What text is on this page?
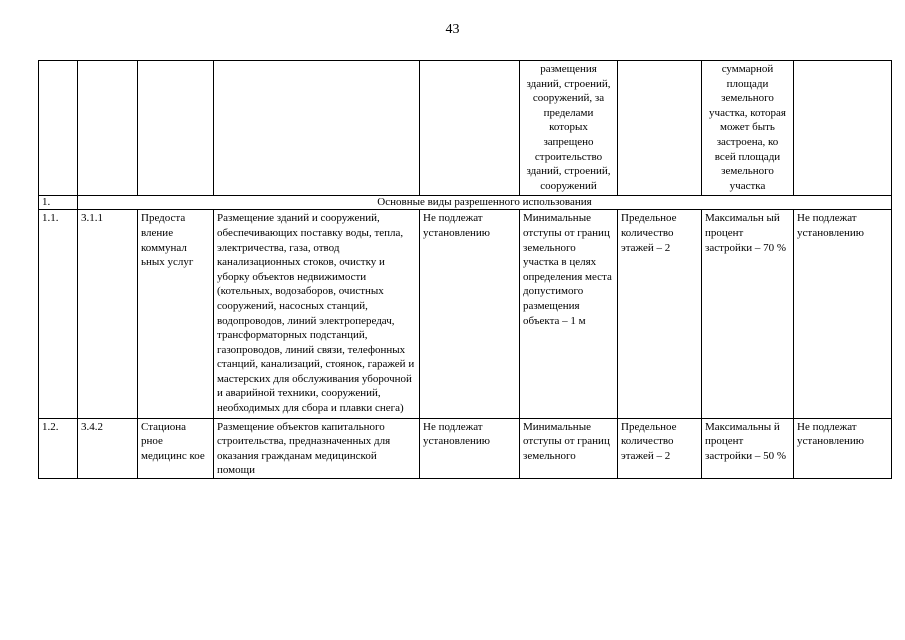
43
					размещения зданий, строений, сооружений, за пределами которых запрещено строительство зданий, строений, сооружений		суммарной площади земельного участка, которая может быть застроена, ко всей площади земельного участка	
1.	Основные виды разрешенного использования							
1.1.	3.1.1	Предоста вление коммунал ьных услуг	Размещение зданий и сооружений, обеспечивающих поставку воды, тепла, электричества, газа, отвод канализационных стоков, очистку и уборку объектов недвижимости (котельных, водозаборов, очистных сооружений, насосных станций, водопроводов, линий электропередач, трансформаторных подстанций, газопроводов, линий связи, телефонных станций, канализаций, стоянок, гаражей и мастерских для обслуживания уборочной и аварийной техники, сооружений, необходимых для сбора и плавки снега)	Не подлежат установлению	Минимальные отступы от границ земельного участка в целях определения места допустимого размещения объекта – 1 м	Предельное количество этажей – 2	Максимальн ый процент застройки – 70 %	Не подлежат установлению
1.2.	3.4.2	Стациона рное медицинс кое	Размещение объектов капитального строительства, предназначенных для оказания гражданам медицинской помощи	Не подлежат установлению	Минимальные отступы от границ земельного	Предельное количество этажей – 2	Максимальны й процент застройки – 50 %	Не подлежат установлению
